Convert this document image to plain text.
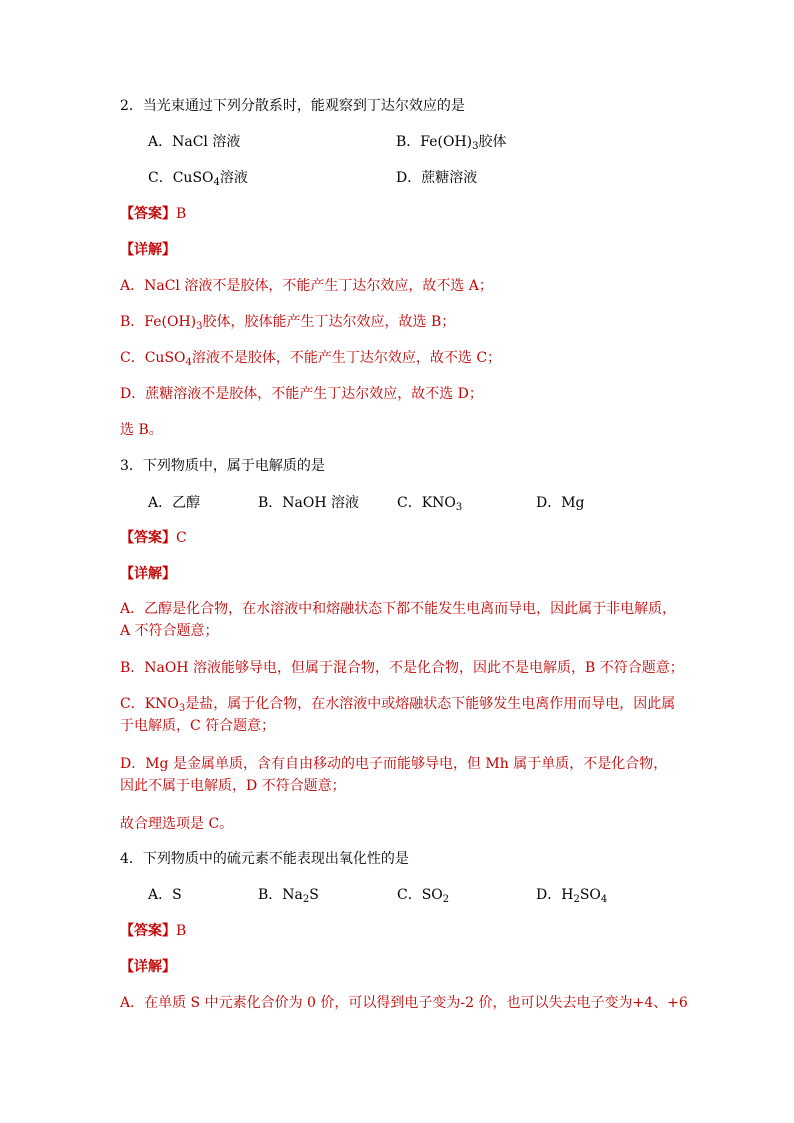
2．当光束通过下列分散系时，能观察到丁达尔效应的是
A．NaCl 溶液	B．$Fe(OH)_3$胶体
C．CuSO$_4$溶液	D．蔗糖溶液
【答案】B
【详解】
A．NaCl 溶液不是胶体，不能产生丁达尔效应，故不选 A；
B．$Fe(OH)_3$胶体，胶体能产生丁达尔效应，故选 B；
C．CuSO$_4$溶液不是胶体，不能产生丁达尔效应，故不选 C；
D．蔗糖溶液不是胶体，不能产生丁达尔效应，故不选 D；
选 B。
3．下列物质中，属于电解质的是
A．乙醇	B．NaOH 溶液	C．$KNO_3$	D．Mg
【答案】C
【详解】
A．乙醇是化合物，在水溶液中和熔融状态下都不能发生电离而导电，因此属于非电解质，A 不符合题意；
B．NaOH 溶液能够导电，但属于混合物，不是化合物，因此不是电解质，B 不符合题意；
C．$KNO_3$是盐，属于化合物，在水溶液中或熔融状态下能够发生电离作用而导电，因此属于电解质，C 符合题意；
D．Mg 是金属单质，含有自由移动的电子而能够导电，但 Mh 属于单质，不是化合物，因此不属于电解质，D 不符合题意；
故合理选项是 C。
4．下列物质中的硫元素不能表现出氧化性的是
A．S	B．$Na_2S$	C．$SO_2$	D．$H_2SO_4$
【答案】B
【详解】
A．在单质 S 中元素化合价为 0 价，可以得到电子变为-2 价，也可以失去电子变为+4、+6
